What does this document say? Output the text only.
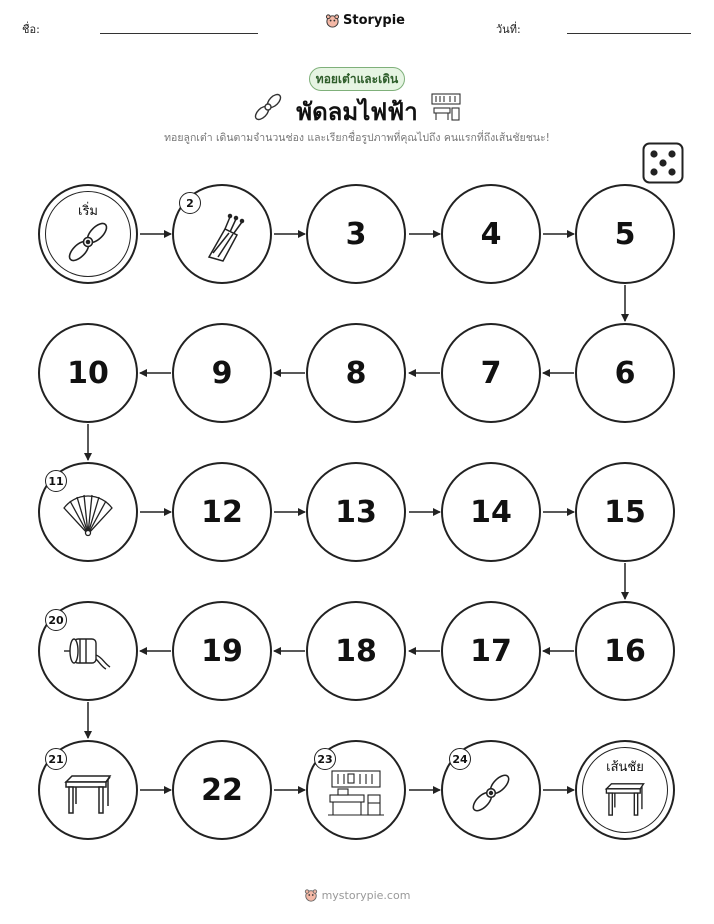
ชื่อ:
Storypie
วันที่:
ทอยเต๋าและเดิน
พัดลมไฟฟ้า
ทอยลูกเต๋า เดินตามจำนวนช่อง และเรียกชื่อรูปภาพที่คุณไปถึง คนแรกที่ถึงเส้นชัยชนะ!
เริ่ม
2
3	4	5
6
7
8
9
10
11
12	13	14	15
16
17
18
19
20
21
22
23	24
เส้นชัย
mystorypie.com
